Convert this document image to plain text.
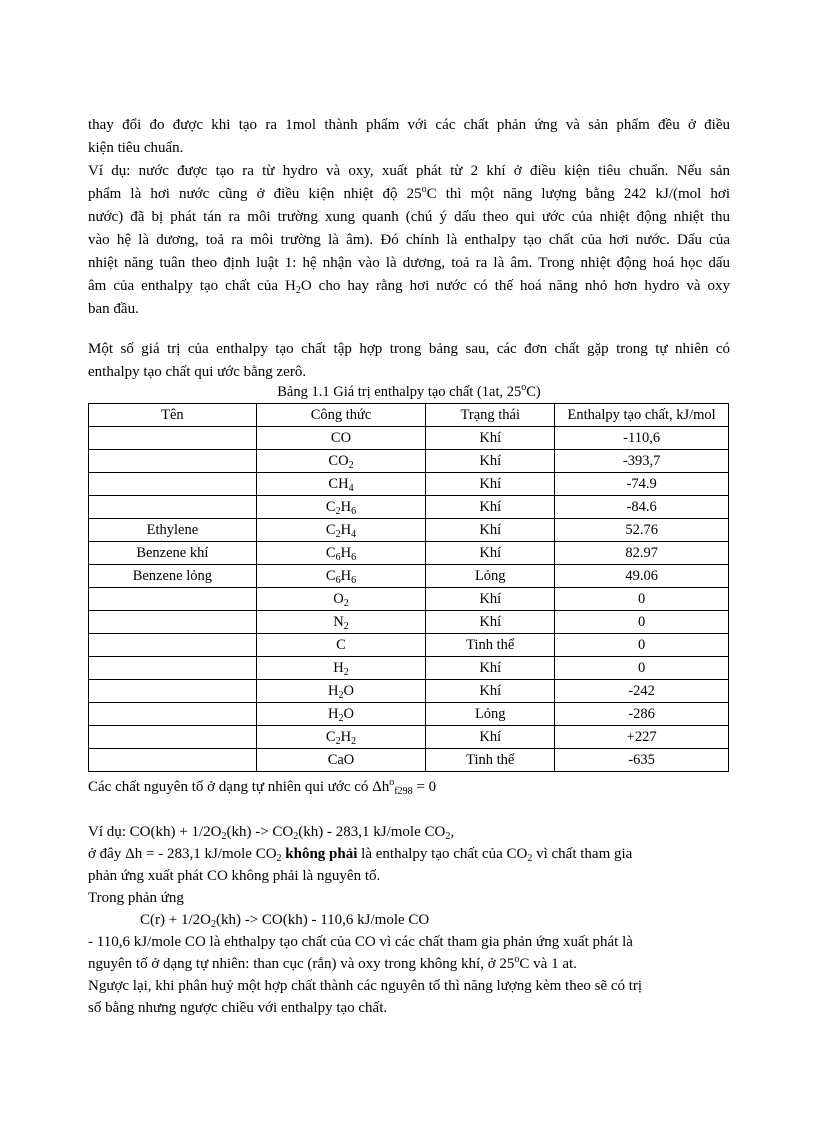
thay đổi đo được khi tạo ra 1mol thành phẩm với các chất phản ứng và sản phẩm đều ở điều
kiện tiêu chuẩn.
Ví dụ: nước được tạo ra từ hydro và oxy, xuất phát từ 2 khí ở điều kiện tiêu chuẩn. Nếu sản
phẩm là hơi nước cũng ở điều kiện nhiệt độ 25$^o$C thì một năng lượng bằng 242 kJ/(mol hơi
nước) đã bị phát tán ra môi trường xung quanh (chú ý dấu theo qui ước của nhiệt động nhiệt thu
vào hệ là dương, toả ra môi trường là âm). Đó chính là enthalpy tạo chất của hơi nước. Dấu của
nhiệt năng tuân theo định luật 1: hệ nhận vào là dương, toả ra là âm. Trong nhiệt động hoá học dấu
âm của enthalpy tạo chất của $H_2O$ cho hay rằng hơi nước có thế hoá năng nhỏ hơn hydro và oxy
ban đầu.
Một số giá trị của enthalpy tạo chất tập hợp trong bảng sau, các đơn chất gặp trong tự nhiên có
enthalpy tạo chất qui ước bằng zerô.
Bảng 1.1 Giá trị enthalpy tạo chất (1at, 25$^o$C)
Tên	Công thức	Trạng thái	Enthalpy tạo chất, kJ/mol
	CO	Khí	-110,6
	$CO_2$	Khí	-393,7
	$CH_4$	Khí	-74.9
	$C_2H_6$	Khí	-84.6
Ethylene	$C_2H_4$	Khí	52.76
Benzene khí	$C_6H_6$	Khí	82.97
Benzene lỏng	$C_6H_6$	Lỏng	49.06
	$O_2$	Khí	0
	$N_2$	Khí	0
	C	Tinh thể	0
	$H_2$	Khí	0
	$H_2O$	Khí	-242
	$H_2O$	Lỏng	-286
	$C_2H_2$	Khí	+227
	CaO	Tinh thể	-635
Các chất nguyên tố ở dạng tự nhiên qui ước có $\Delta h^o_{f298} = 0$
Ví dụ: $CO(kh) + 1/2O_2(kh) -> CO_2(kh) - 283,1$ kJ/mole $CO_2$,
ở đây Δh = - 283,1 kJ/mole $CO_2$ không phải là enthalpy tạo chất của $CO_2$ vì chất tham gia
phản ứng xuất phát CO không phải là nguyên tố.
Trong phản ứng
$C(r) + 1/2O_2(kh) -> CO(kh) - 110,6$ kJ/mole CO
- 110,6 kJ/mole CO là ehthalpy tạo chất của CO vì các chất tham gia phản ứng xuất phát là
nguyên tố ở dạng tự nhiên: than cục (rắn) và oxy trong không khí, ở 25$^o$C và 1 at.
Ngược lại, khi phân huỷ một hợp chất thành các nguyên tố thì năng lượng kèm theo sẽ có trị
số bằng nhưng ngược chiều với enthalpy tạo chất.
